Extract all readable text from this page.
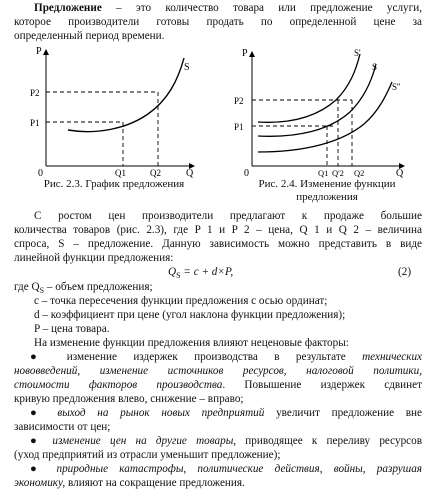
Предложение – это количество товара или предложение услуги,

которое производители готовы продать по определенной цене за

определенный период времени.

P
Q
0
P1
P2
Q1	Q2
S
Рис. 2.3. График предложения
P
Q
0
P1
P2
Q1 Q'2 Q2
S'
S
S''
Рис. 2.4. Изменение функции
предложения

С ростом цен производители предлагают к продаже большие

количества товаров (рис. 2.3), где P 1 и P 2 – цена, Q 1 и Q 2 – величина

спроса, S – предложение. Данную зависимость можно представить в виде

линейной функции предложения:

$Q_S = c + d\times P$,	(2)

где $Q_S$ – объем предложения;

c – точка пересечения функции предложения с осью ординат;

d – коэффициент при цене (угол наклона функции предложения);

P – цена товара.

На изменение функции предложения влияют неценовые факторы:

● изменение издержек производства в результате технических

нововведений, изменение источников ресурсов, налоговой политики,

стоимости факторов производства. Повышение издержек сдвинет

кривую предложения влево, снижение – вправо;

● выход на рынок новых предприятий увеличит предложение вне

зависимости от цен;

● изменение цен на другие товары, приводящее к переливу ресурсов

(уход предприятий из отрасли уменьшит предложение);

● природные катастрофы, политические действия, войны, разрушая

экономику, влияют на сокращение предложения.
